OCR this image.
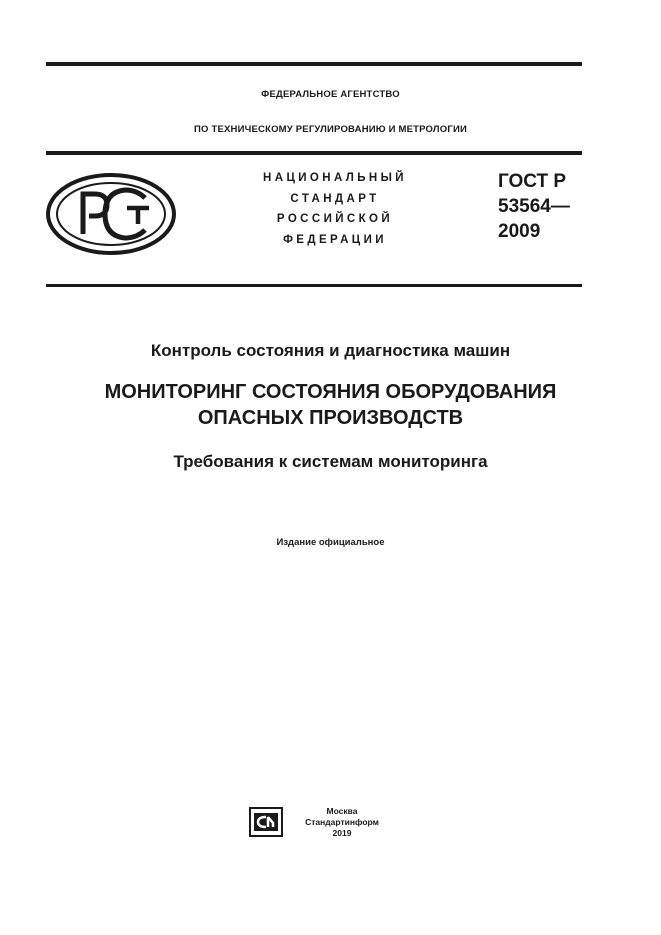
ФЕДЕРАЛЬНОЕ АГЕНТСТВО
ПО ТЕХНИЧЕСКОМУ РЕГУЛИРОВАНИЮ И МЕТРОЛОГИИ
НАЦИОНАЛЬНЫЙ
СТАНДАРТ
РОССИЙСКОЙ
ФЕДЕРАЦИИ
ГОСТ Р
53564—
2009
Контроль состояния и диагностика машин
МОНИТОРИНГ СОСТОЯНИЯ ОБОРУДОВАНИЯ
ОПАСНЫХ ПРОИЗВОДСТВ
Требования к системам мониторинга
Издание официальное
Москва
Стандартинформ
2019
